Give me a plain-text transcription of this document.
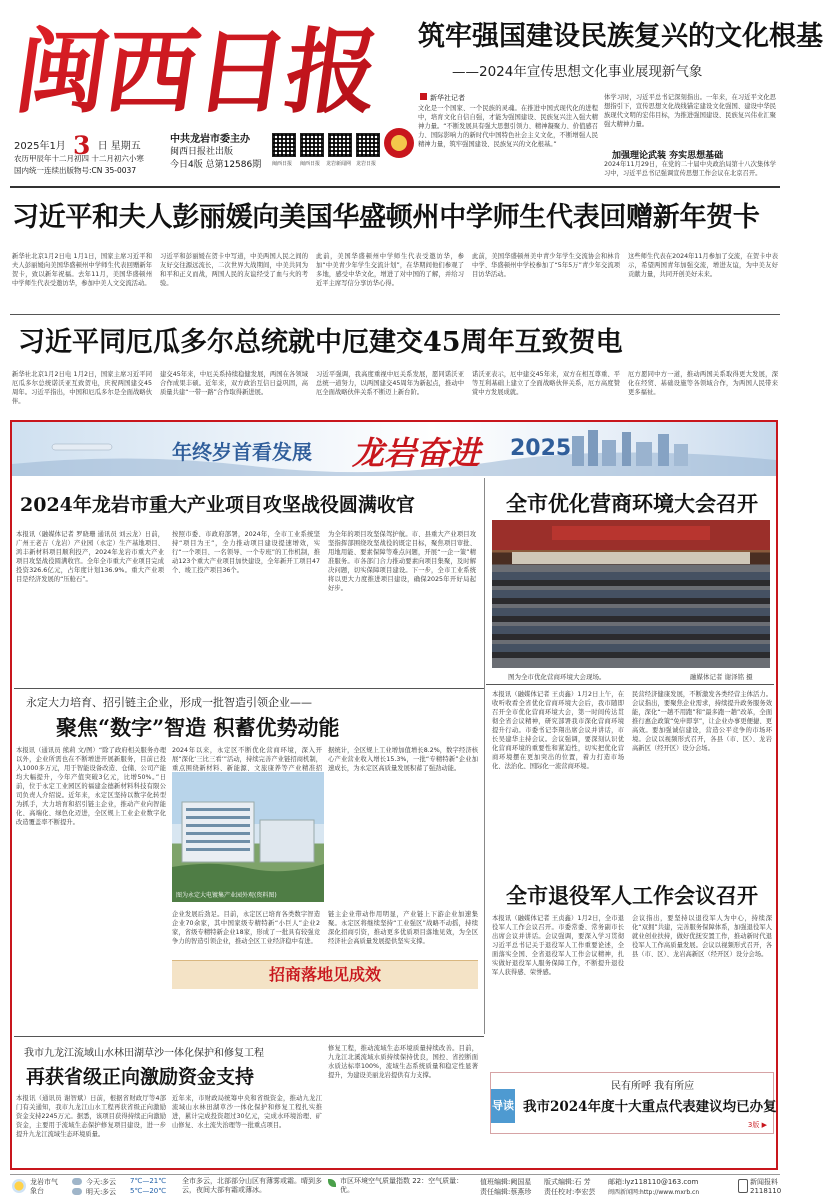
闽西日报 筑牢强国建设民族复兴的文化根基
——2024年宣传思想文化事业展现新气象
2025年1月 3 日 星期五
农历甲辰年十二月初四 十二月初六小寒
国内统一连续出版物号:CN 35-0037
中共龙岩市委主办
闽西日报社出版
今日4版 总第12586期 闽西日报 闽西日报 龙岩新闻网 龙岩日报
新华社记者
文化是一个国家、一个民族的灵魂。在推进中国式现代化的进程中，培育文化自信自强，才能为强国建设、民族复兴注入强大精神力量。“不断发展具有强大思想引领力、精神凝聚力、价值感召力、国际影响力的新时代中国特色社会主义文化，不断增强人民精神力量，筑牢强国建设、民族复兴的文化根基。”
体学习时，习近平总书记深刻指出。一年来，在习近平文化思想指引下，宣传思想文化战线锚定建设文化强国、建设中华民族现代文明的宏伟目标，为推进强国建设、民族复兴伟业汇聚强大精神力量。
加强理论武装 夯实思想基础
2024年11月29日，在党的二十届中央政治局第十八次集体学习中，习近平总书记强调宣传思想工作会议在北京召开。
习近平和夫人彭丽媛向美国华盛顿州中学师生代表回赠新年贺卡
新华社北京1月2日电 1月1日，国家主席习近平和夫人彭丽媛向美国华盛顿州中学师生代表回赠新年贺卡，致以新年祝福。去年11月，美国华盛顿州中学师生代表受邀访华，参加中美人文交流活动。
习近平和彭丽媛在贺卡中写道，中美两国人民之间的友好交往源远流长，二次世界大战期间，中美共同为和平和正义而战，两国人民的友谊经受了血与火的考验。
此前，美国华盛顿州中学师生代表受邀访华，参加“中美青少年学生交流计划”，在华期间他们参观了多地，感受中华文化，增进了对中国的了解，并给习近平主席写信分享访华心得。
此前，美国华盛顿州美中青少年学生交流协会和林肯中学、华盛顿州中学校参加了“5年5万”青少年交流项目访华活动。
这些师生代表在2024年11月参加了交流，在贺卡中表示，希望两国青年加强交流，增进友谊，为中美友好贡献力量，共同开创美好未来。
习近平同厄瓜多尔总统就中厄建交45周年互致贺电
新华社北京1月2日电 1月2日，国家主席习近平同厄瓜多尔总统诺沃亚互致贺电，庆祝两国建交45周年。习近平指出，中国和厄瓜多尔是全面战略伙伴。
建交45年来，中厄关系持续稳健发展，两国在各领域合作成果丰硕。近年来，双方政治互信日益巩固，高质量共建“一带一路”合作取得新进展。
习近平强调，我高度重视中厄关系发展，愿同诺沃亚总统一道努力，以两国建交45周年为新起点，推动中厄全面战略伙伴关系不断迈上新台阶。
诺沃亚表示，厄中建交45年来，双方在相互尊重、平等互利基础上建立了全面战略伙伴关系，厄方高度赞赏中方发展成就。
厄方愿同中方一道，推动两国关系取得更大发展，深化在经贸、基础设施等各领域合作，为两国人民带来更多福祉。
年终岁首看发展 龙岩奋进 2025
2024年龙岩市重大产业项目攻坚战役圆满收官
本报讯（融媒体记者 罗晓珊 通讯员 刘云龙）日前，广州王老吉（龙岩）产业园（永定）生产基地项目、鸿丰新材料项目顺利投产，2024年龙岩市重大产业项目攻坚战役圆满收官。全年全市重大产业项目完成投资326.6亿元，占年度计划136.9%。重大产业项目是经济发展的“压舱石”。
按照市委、市政府部署，2024年，全市工业系统坚持“项目为王”，全力推动项目建设提速增效，实行“一个项目、一名领导、一个专班”的工作机制，推动123个重大产业项目加快建设，全年新开工项目47个、竣工投产项目36个。
为全年的项目攻坚保驾护航。市、县重大产业项目攻坚指挥部围绕攻坚战役的既定目标，聚焦项目审批、用地用能、要素保障等难点问题，开展“一企一策”精准服务。市各部门合力推动要素向项目集聚，及时解决问题，切实保障项目建设。下一步，全市工业系统将以更大力度推进项目建设，确保2025年开好局起好步。
全市优化营商环境大会召开
图为全市优化营商环境大会现场。	融媒体记者 谢泽铭 摄
永定大力培育、招引链主企业，形成一批智造引领企业——
聚焦“数字”智造 积蓄优势动能
本报讯（通讯员 熊莉 文/图）“除了政府相关服务办理以外，企业所需也在不断增进开展新服务，目前已投入1000多万元，用于智能设备改造、仓储、公司产能均大幅提升，今年产值突破3亿元，比增50%。”日前，位于永定工业园区的福建金德新材料科技有限公司负责人介绍说。近年来，永定区坚持以数字化转型为抓手，大力培育和招引链主企业，推动产业向智能化、高端化、绿色化迈进，全区规上工业企业数字化改造覆盖率不断提升。
2024年以来，永定区不断优化营商环境，深入开展“深化‘三比三看’”活动，持续完善产业链招商机制，重点围绕新材料、新能源、文旅康养等产业精准招
图为永定大电镀集产业园外观(资料图)
据统计，全区规上工业增加值增长8.2%，数字经济核心产业营业收入增长15.3%，一批“专精特新”企业加速成长，为永定区高质量发展积蓄了强劲动能。
企业发展后劲足。目前，永定区已培育各类数字智造企业70余家，其中国家级专精特新“小巨人”企业2家，省级专精特新企业18家，形成了一批具有较强竞争力的智造引领企业，推动全区工业经济稳中有进。
链主企业带动作用明显，产业链上下游企业加速集聚。永定区将继续坚持“工业强区”战略不动摇，持续深化招商引资，推动更多优质项目落地见效，为全区经济社会高质量发展提供坚实支撑。
招商落地见成效
本报讯（融媒体记者 王贞鑫）1月2日上午，在收听收看全省优化营商环境大会后，我市随即召开全市优化营商环境大会，第一时间传达贯彻全省会议精神，研究部署我市深化营商环境提升行动。市委书记李翔出席会议并讲话，市长吴建华主持会议。会议强调，要深刻认识优化营商环境的重要性和紧迫性，切实把优化营商环境摆在更加突出的位置，着力打造市场化、法治化、国际化一流营商环境。
民营经济健康发展，不断激发各类经营主体活力。会议指出，要聚焦企业需求，持续提升政务服务效能，深化“一趟不用跑”和“最多跑一趟”改革，全面推行惠企政策“免申即享”，让企业办事更便捷、更高效。要加强诚信建设，营造公平竞争的市场环境。会议以视频形式召开，各县（市、区）、龙岩高新区（经开区）设分会场。
全市退役军人工作会议召开
本报讯（融媒体记者 王贞鑫）1月2日，全市退役军人工作会议召开。市委常委、常务副市长出席会议并讲话。会议强调，要深入学习贯彻习近平总书记关于退役军人工作重要论述，全面落实全国、全省退役军人工作会议精神，扎实做好退役军人服务保障工作，不断提升退役军人获得感、荣誉感。
会议指出，要坚持以退役军人为中心，持续深化“双拥”共建，完善服务保障体系，加强退役军人就业创业扶持，做好优抚安置工作，推动新时代退役军人工作高质量发展。会议以视频形式召开，各县（市、区）、龙岩高新区（经开区）设分会场。
我市九龙江流域山水林田湖草沙一体化保护和修复工程
再获省级正向激励资金支持
本报讯（通讯员 谢智斌）日前，根据省财政厅等4部门有关通知，我市九龙江山水工程再获省级正向激励资金支持2245万元。据悉，该项目获得持续正向激励资金，主要用于流域生态保护修复项目建设，进一步提升九龙江流域生态环境质量。
近年来，市财政局统筹中央和省级资金，推动九龙江流域山水林田湖草沙一体化保护和修复工程扎实推进，累计完成投资超过30亿元，完成水环境治理、矿山修复、水土流失治理等一批重点项目。
修复工程，推动流域生态环境质量持续改善。目前，九龙江北溪流域水质持续保持优良，国控、省控断面水质达标率100%，流域生态系统质量和稳定性显著提升，为建设美丽龙岩提供有力支撑。
导读
民有所呼 我有所应
我市2024年度十大重点代表建议均已办复
3版 ▶
龙岩市气象台
今天: 多云 7℃—21℃
明天: 多云 5℃—20℃
全市多云，北部部分山区有薄雾或霜。晴到多云，夜间大部有霜或薄冰。
市区环境空气质量指数 22：空气质量：优。
值班编辑:阙国星
责任编辑:蔡燕珍
版式编辑:石 芳
责任校对:李宏芸
邮箱:lyz118110@163.com
闽西新闻网:http://www.mxrb.cn
新闻报料
2118110
